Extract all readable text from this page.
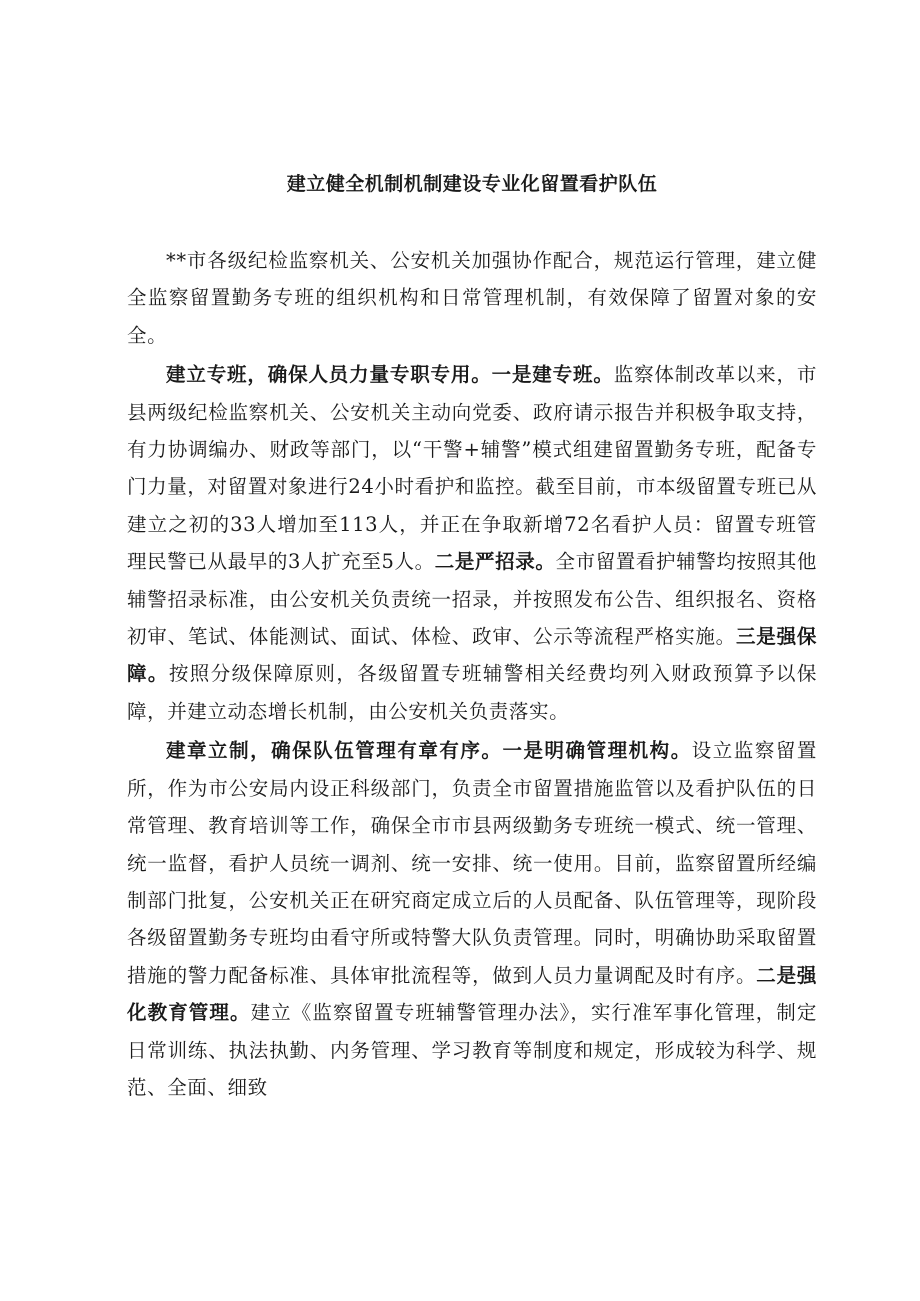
建立健全机制机制建设专业化留置看护队伍

**市各级纪检监察机关、公安机关加强协作配合，规范运行管理，建立健全监察留置勤务专班的组织机构和日常管理机制，有效保障了留置对象的安全。

建立专班，确保人员力量专职专用。一是建专班。监察体制改革以来，市县两级纪检监察机关、公安机关主动向党委、政府请示报告并积极争取支持，有力协调编办、财政等部门，以“干警+辅警”模式组建留置勤务专班，配备专门力量，对留置对象进行24小时看护和监控。截至目前，市本级留置专班已从建立之初的33人增加至113人，并正在争取新增72名看护人员：留置专班管理民警已从最早的3人扩充至5人。二是严招录。全市留置看护辅警均按照其他辅警招录标准，由公安机关负责统一招录，并按照发布公告、组织报名、资格初审、笔试、体能测试、面试、体检、政审、公示等流程严格实施。三是强保障。按照分级保障原则，各级留置专班辅警相关经费均列入财政预算予以保障，并建立动态增长机制，由公安机关负责落实。

建章立制，确保队伍管理有章有序。一是明确管理机构。设立监察留置所，作为市公安局内设正科级部门，负责全市留置措施监管以及看护队伍的日常管理、教育培训等工作，确保全市市县两级勤务专班统一模式、统一管理、统一监督，看护人员统一调剂、统一安排、统一使用。目前，监察留置所经编制部门批复，公安机关正在研究商定成立后的人员配备、队伍管理等，现阶段各级留置勤务专班均由看守所或特警大队负责管理。同时，明确协助采取留置措施的警力配备标准、具体审批流程等，做到人员力量调配及时有序。二是强化教育管理。建立《监察留置专班辅警管理办法》，实行准军事化管理，制定日常训练、执法执勤、内务管理、学习教育等制度和规定，形成较为科学、规范、全面、细致
